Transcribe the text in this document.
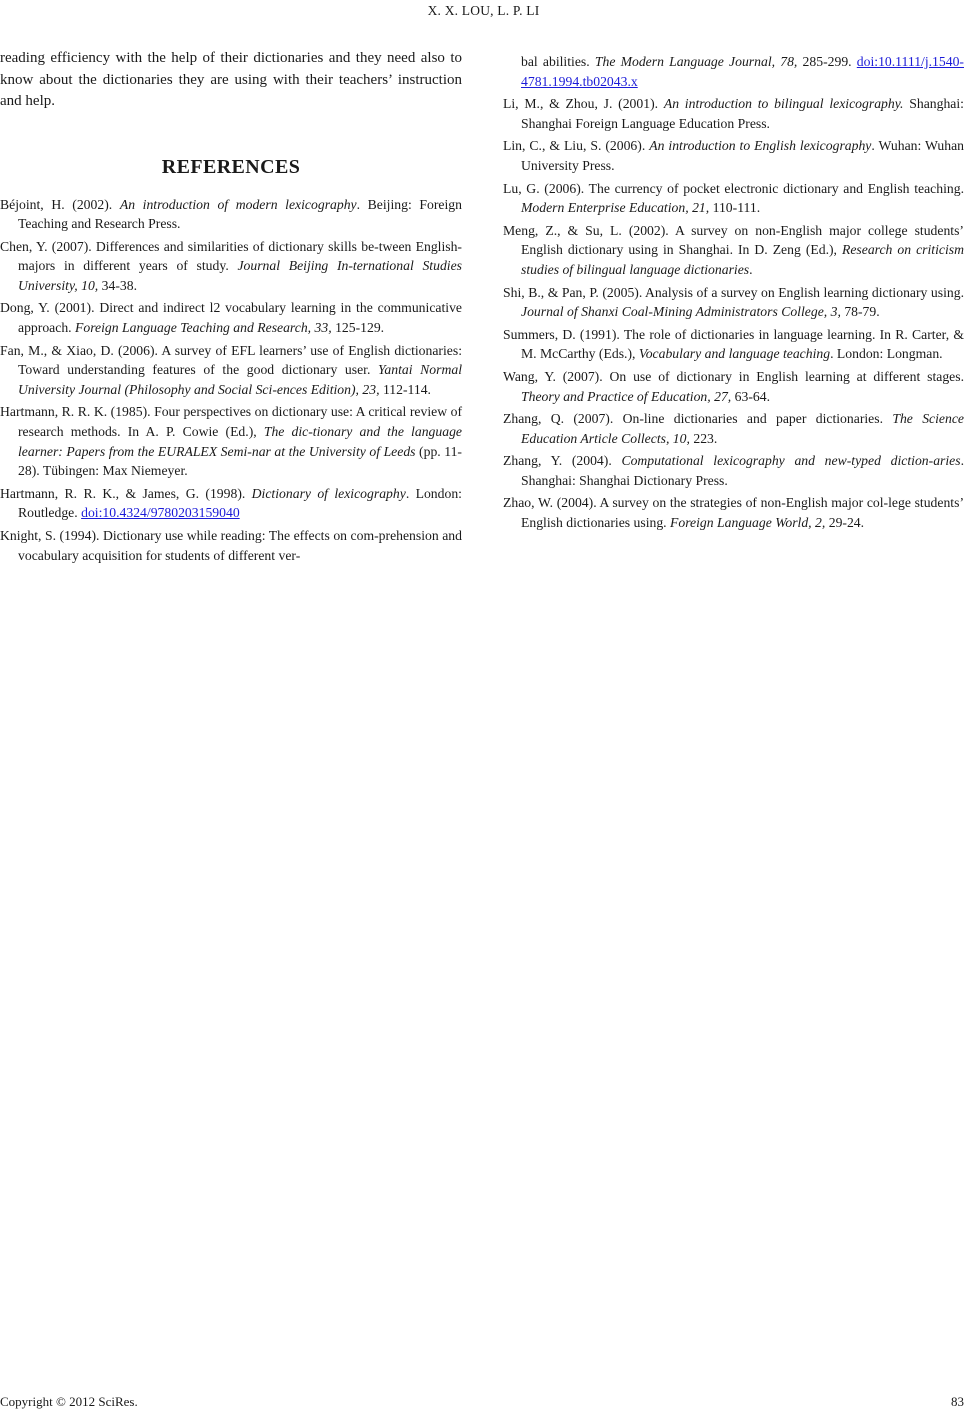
X. X. LOU, L. P. LI

reading efficiency with the help of their dictionaries and they need also to know about the dictionaries they are using with their teachers’ instruction and help.

REFERENCES
Béjoint, H. (2002). An introduction of modern lexicography. Beijing: Foreign Teaching and Research Press.
Chen, Y. (2007). Differences and similarities of dictionary skills be-tween English-majors in different years of study. Journal Beijing In-ternational Studies University, 10, 34-38.
Dong, Y. (2001). Direct and indirect l2 vocabulary learning in the communicative approach. Foreign Language Teaching and Research, 33, 125-129.
Fan, M., & Xiao, D. (2006). A survey of EFL learners’ use of English dictionaries: Toward understanding features of the good dictionary user. Yantai Normal University Journal (Philosophy and Social Sci-ences Edition), 23, 112-114.
Hartmann, R. R. K. (1985). Four perspectives on dictionary use: A critical review of research methods. In A. P. Cowie (Ed.), The dic-tionary and the language learner: Papers from the EURALEX Semi-nar at the University of Leeds (pp. 11-28). Tübingen: Max Niemeyer.
Hartmann, R. R. K., & James, G. (1998). Dictionary of lexicography. London: Routledge. doi:10.4324/9780203159040
Knight, S. (1994). Dictionary use while reading: The effects on com-prehension and vocabulary acquisition for students of different ver-
bal abilities. The Modern Language Journal, 78, 285-299. doi:10.1111/j.1540-4781.1994.tb02043.x
Li, M., & Zhou, J. (2001). An introduction to bilingual lexicography. Shanghai: Shanghai Foreign Language Education Press.
Lin, C., & Liu, S. (2006). An introduction to English lexicography. Wuhan: Wuhan University Press.
Lu, G. (2006). The currency of pocket electronic dictionary and English teaching. Modern Enterprise Education, 21, 110-111.
Meng, Z., & Su, L. (2002). A survey on non-English major college students’ English dictionary using in Shanghai. In D. Zeng (Ed.), Research on criticism studies of bilingual language dictionaries.
Shi, B., & Pan, P. (2005). Analysis of a survey on English learning dictionary using. Journal of Shanxi Coal-Mining Administrators College, 3, 78-79.
Summers, D. (1991). The role of dictionaries in language learning. In R. Carter, & M. McCarthy (Eds.), Vocabulary and language teaching. London: Longman.
Wang, Y. (2007). On use of dictionary in English learning at different stages. Theory and Practice of Education, 27, 63-64.
Zhang, Q. (2007). On-line dictionaries and paper dictionaries. The Science Education Article Collects, 10, 223.
Zhang, Y. (2004). Computational lexicography and new-typed diction-aries. Shanghai: Shanghai Dictionary Press.
Zhao, W. (2004). A survey on the strategies of non-English major col-lege students’ English dictionaries using. Foreign Language World, 2, 29-24.
Copyright © 2012 SciRes.	83
